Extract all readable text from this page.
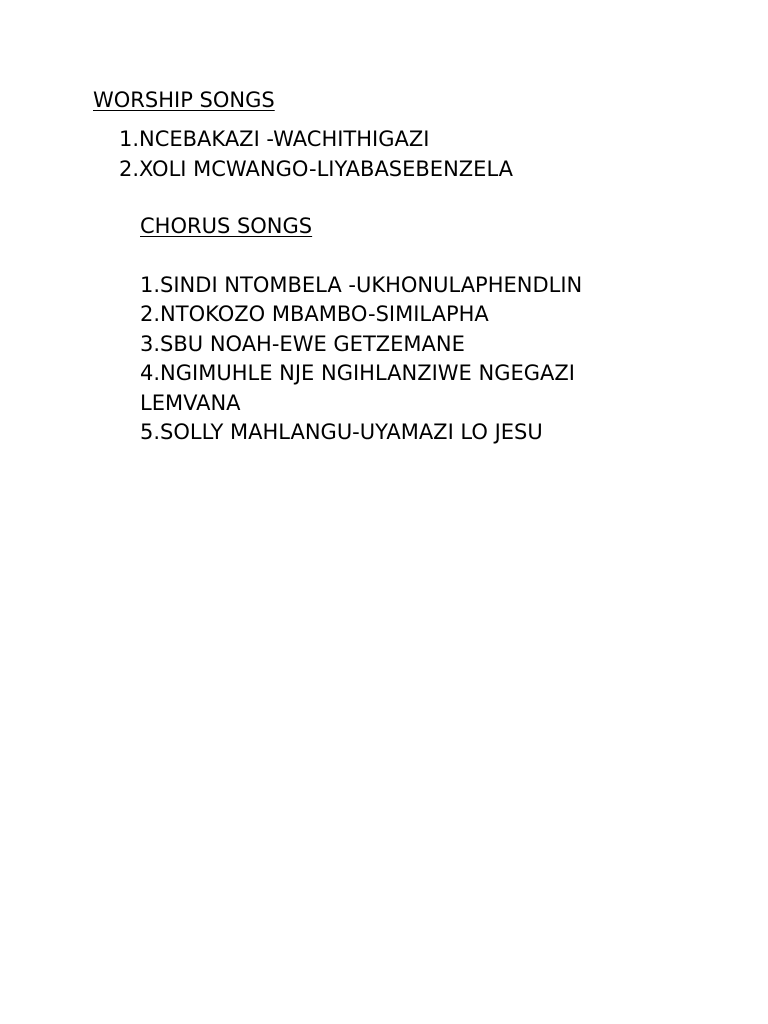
WORSHIP SONGS
1. NCEBAKAZI -WACHITHIGAZI
2. XOLI MCWANGO-LIYABASEBENZELA
CHORUS SONGS
1.SINDI NTOMBELA -UKHONULAPHENDLIN
2.NTOKOZO MBAMBO-SIMILAPHA
3.SBU NOAH-EWE GETZEMANE
4.NGIMUHLE NJE NGIHLANZIWE NGEGAZI LEMVANA
5.SOLLY MAHLANGU-UYAMAZI LO JESU
